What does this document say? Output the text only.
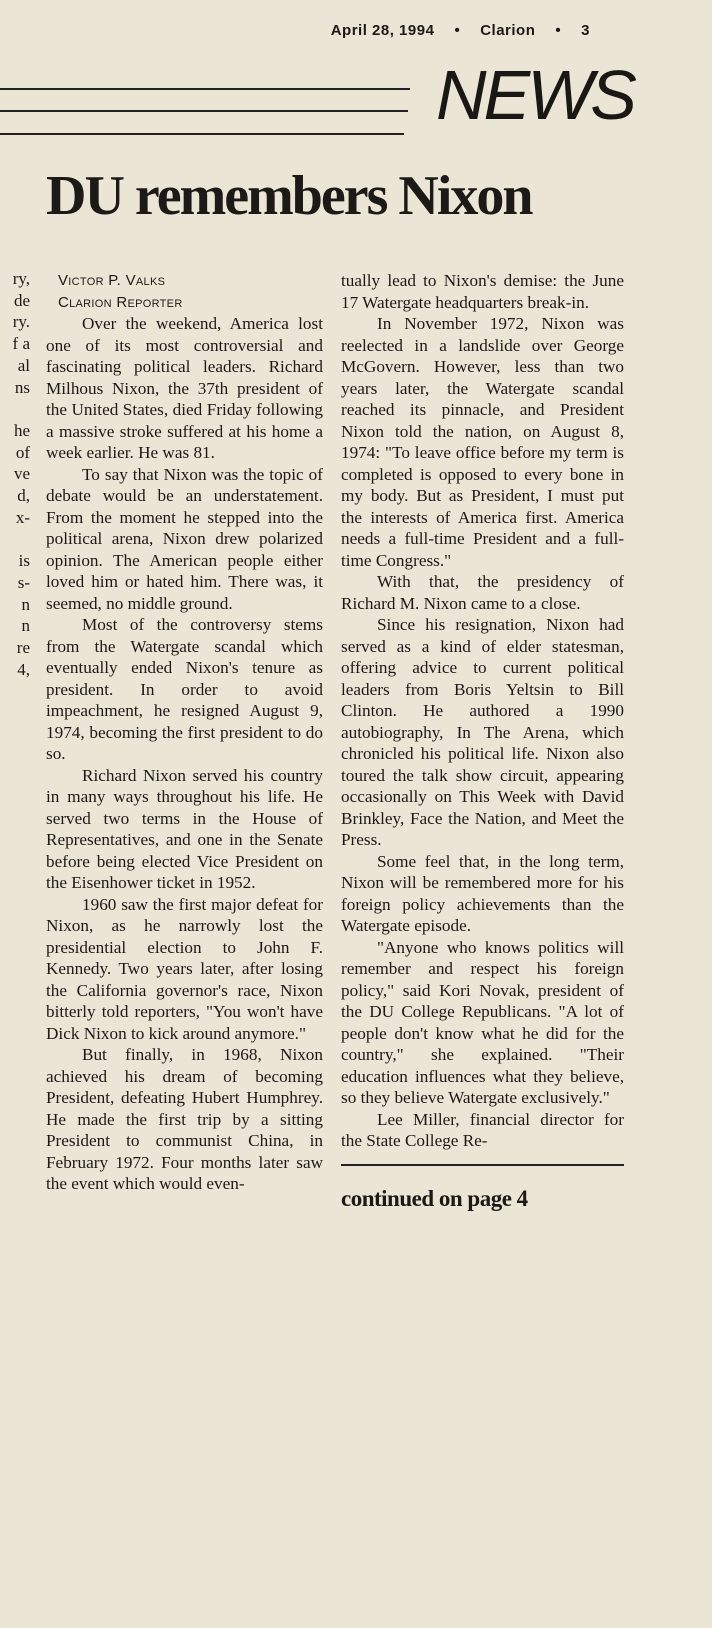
April 28, 1994 • Clarion • 3
NEWS
DU remembers Nixon
ry,
de
ry.
f a
al
ns

he
of
ve
d,
x-

is
s-
n
n
re
4,
Victor P. Valks
Clarion Reporter

Over the weekend, America lost one of its most controversial and fascinating political leaders. Richard Milhous Nixon, the 37th president of the United States, died Friday following a massive stroke suffered at his home a week earlier. He was 81.

To say that Nixon was the topic of debate would be an understatement. From the moment he stepped into the political arena, Nixon drew polarized opinion. The American people either loved him or hated him. There was, it seemed, no middle ground.

Most of the controversy stems from the Watergate scandal which eventually ended Nixon's tenure as president. In order to avoid impeachment, he resigned August 9, 1974, becoming the first president to do so.

Richard Nixon served his country in many ways throughout his life. He served two terms in the House of Representatives, and one in the Senate before being elected Vice President on the Eisenhower ticket in 1952.

1960 saw the first major defeat for Nixon, as he narrowly lost the presidential election to John F. Kennedy. Two years later, after losing the California governor's race, Nixon bitterly told reporters, "You won't have Dick Nixon to kick around anymore."

But finally, in 1968, Nixon achieved his dream of becoming President, defeating Hubert Humphrey. He made the first trip by a sitting President to communist China, in February 1972. Four months later saw the event which would even-

tually lead to Nixon's demise: the June 17 Watergate headquarters break-in.

In November 1972, Nixon was reelected in a landslide over George McGovern. However, less than two years later, the Watergate scandal reached its pinnacle, and President Nixon told the nation, on August 8, 1974: "To leave office before my term is completed is opposed to every bone in my body. But as President, I must put the interests of America first. America needs a full-time President and a full-time Congress."

With that, the presidency of Richard M. Nixon came to a close.

Since his resignation, Nixon had served as a kind of elder statesman, offering advice to current political leaders from Boris Yeltsin to Bill Clinton. He authored a 1990 autobiography, In The Arena, which chronicled his political life. Nixon also toured the talk show circuit, appearing occasionally on This Week with David Brinkley, Face the Nation, and Meet the Press.

Some feel that, in the long term, Nixon will be remembered more for his foreign policy achievements than the Watergate episode.

"Anyone who knows politics will remember and respect his foreign policy," said Kori Novak, president of the DU College Republicans. "A lot of people don't know what he did for the country," she explained. "Their education influences what they believe, so they believe Watergate exclusively."

Lee Miller, financial director for the State College Re-

continued on page 4
